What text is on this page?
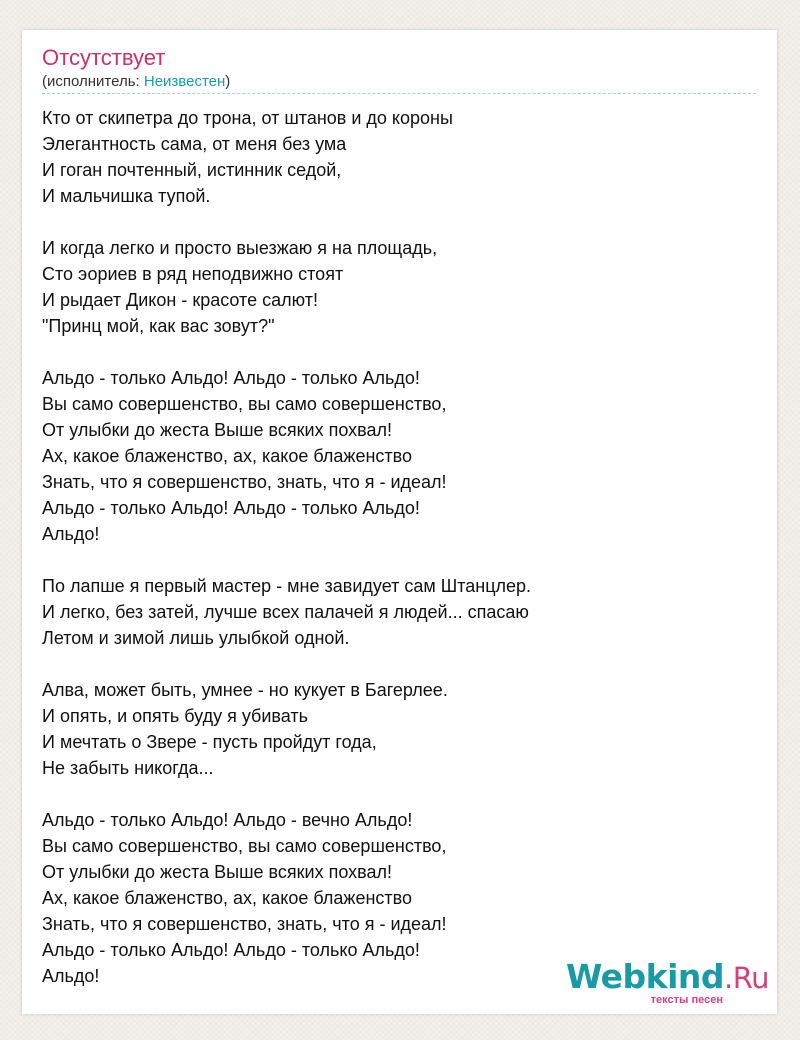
Отсутствует
(исполнитель: Неизвестен)
Кто от скипетра до трона, от штанов и до короны
Элегантность сама, от меня без ума
И гоган почтенный, истинник седой,
И мальчишка тупой.
И когда легко и просто выезжаю я на площадь,
Сто эориев в ряд неподвижно стоят
И рыдает Дикон - красоте салют!
"Принц мой, как вас зовут?"
Альдо - только Альдо! Альдо - только Альдо!
Вы само совершенство, вы само совершенство,
От улыбки до жеста Выше всяких похвал!
Ах, какое блаженство, ах, какое блаженство
Знать, что я совершенство, знать, что я - идеал!
Альдо - только Альдо! Альдо - только Альдо!
Альдо!
По лапше я первый мастер - мне завидует сам Штанцлер.
И легко, без затей, лучше всех палачей я людей... спасаю
Летом и зимой лишь улыбкой одной.
Алва, может быть, умнее - но кукует в Багерлее.
И опять, и опять буду я убивать
И мечтать о Звере - пусть пройдут года,
Не забыть никогда...
Альдо - только Альдо! Альдо - вечно Альдо!
Вы само совершенство, вы само совершенство,
От улыбки до жеста Выше всяких похвал!
Ах, какое блаженство, ах, какое блаженство
Знать, что я совершенство, знать, что я - идеал!
Альдо - только Альдо! Альдо - только Альдо!
Альдо!	Webkind.Ru
тексты песен
